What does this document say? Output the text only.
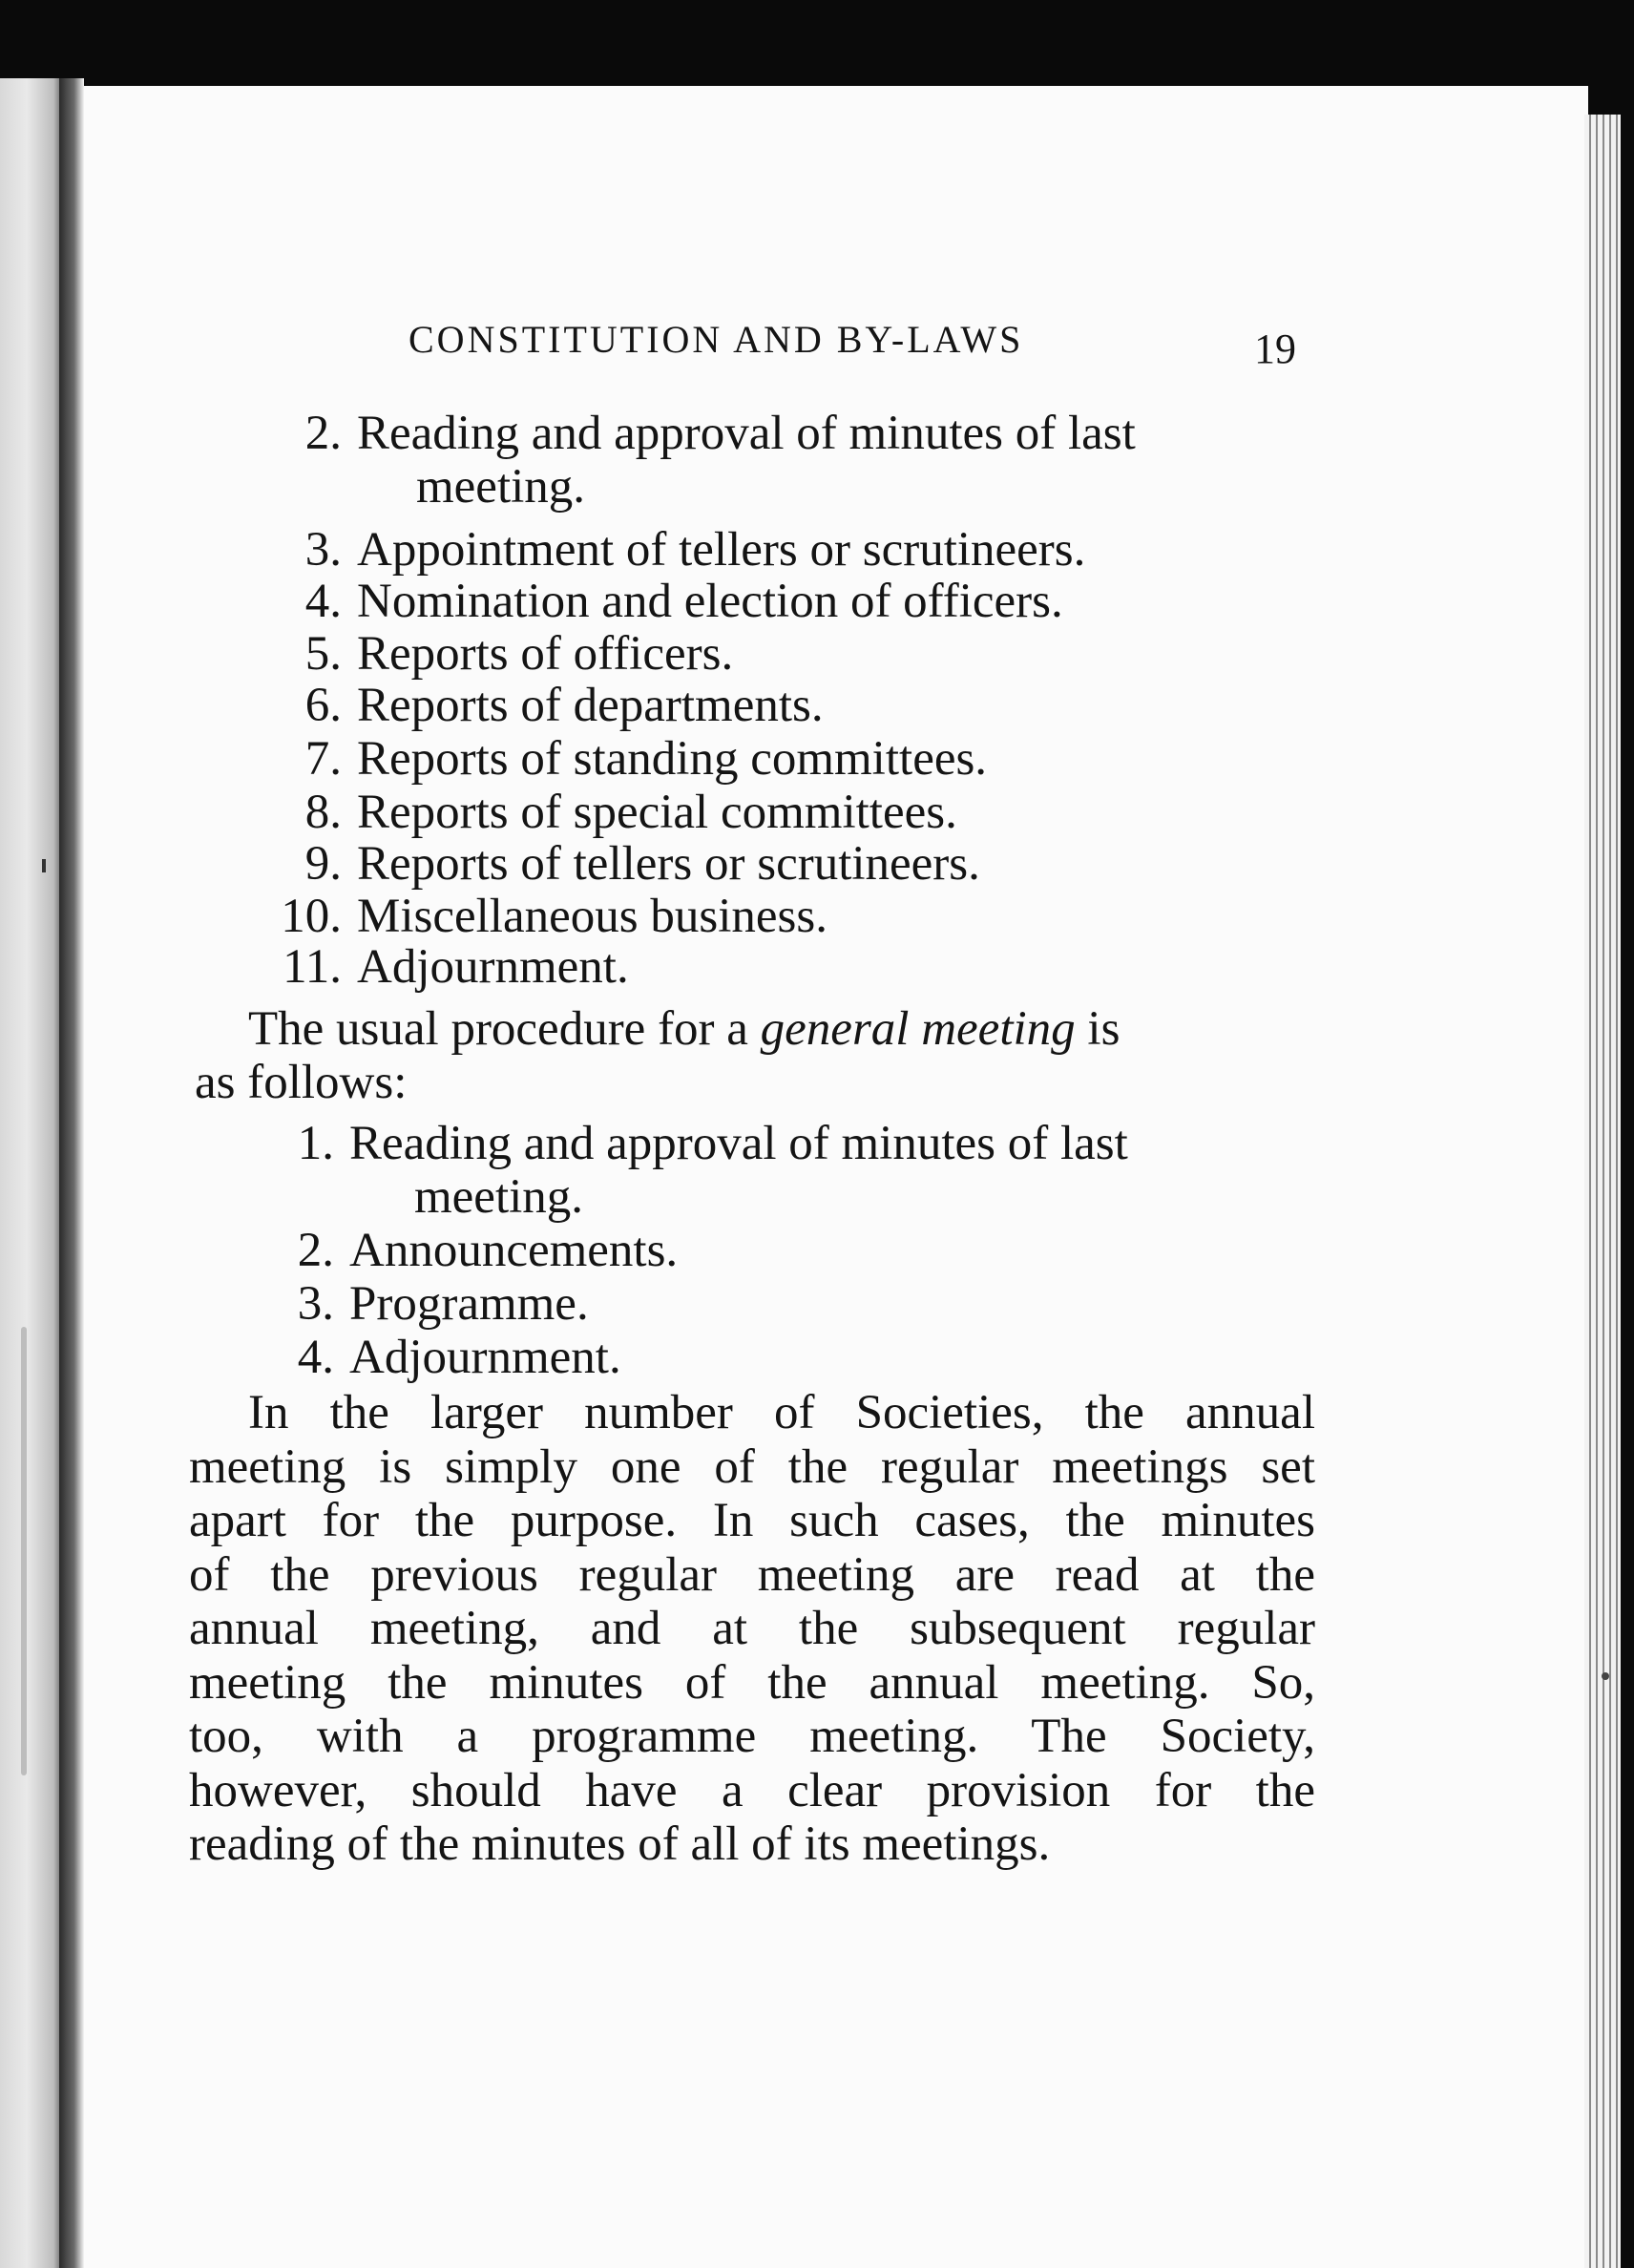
CONSTITUTION AND BY-LAWS	19
2. Reading and approval of minutes of last
meeting.
3. Appointment of tellers or scrutineers.
4. Nomination and election of officers.
5. Reports of officers.
6. Reports of departments.
7. Reports of standing committees.
8. Reports of special committees.
9. Reports of tellers or scrutineers.
10. Miscellaneous business.
11. Adjournment.
The usual procedure for a general meeting is
as follows:
1. Reading and approval of minutes of last
meeting.
2. Announcements.
3. Programme.
4. Adjournment.
In the larger number of Societies, the annual
meeting is simply one of the regular meetings set
apart for the purpose. In such cases, the minutes
of the previous regular meeting are read at the
annual meeting, and at the subsequent regular
meeting the minutes of the annual meeting. So,
too, with a programme meeting. The Society,
however, should have a clear provision for the
reading of the minutes of all of its meetings.
